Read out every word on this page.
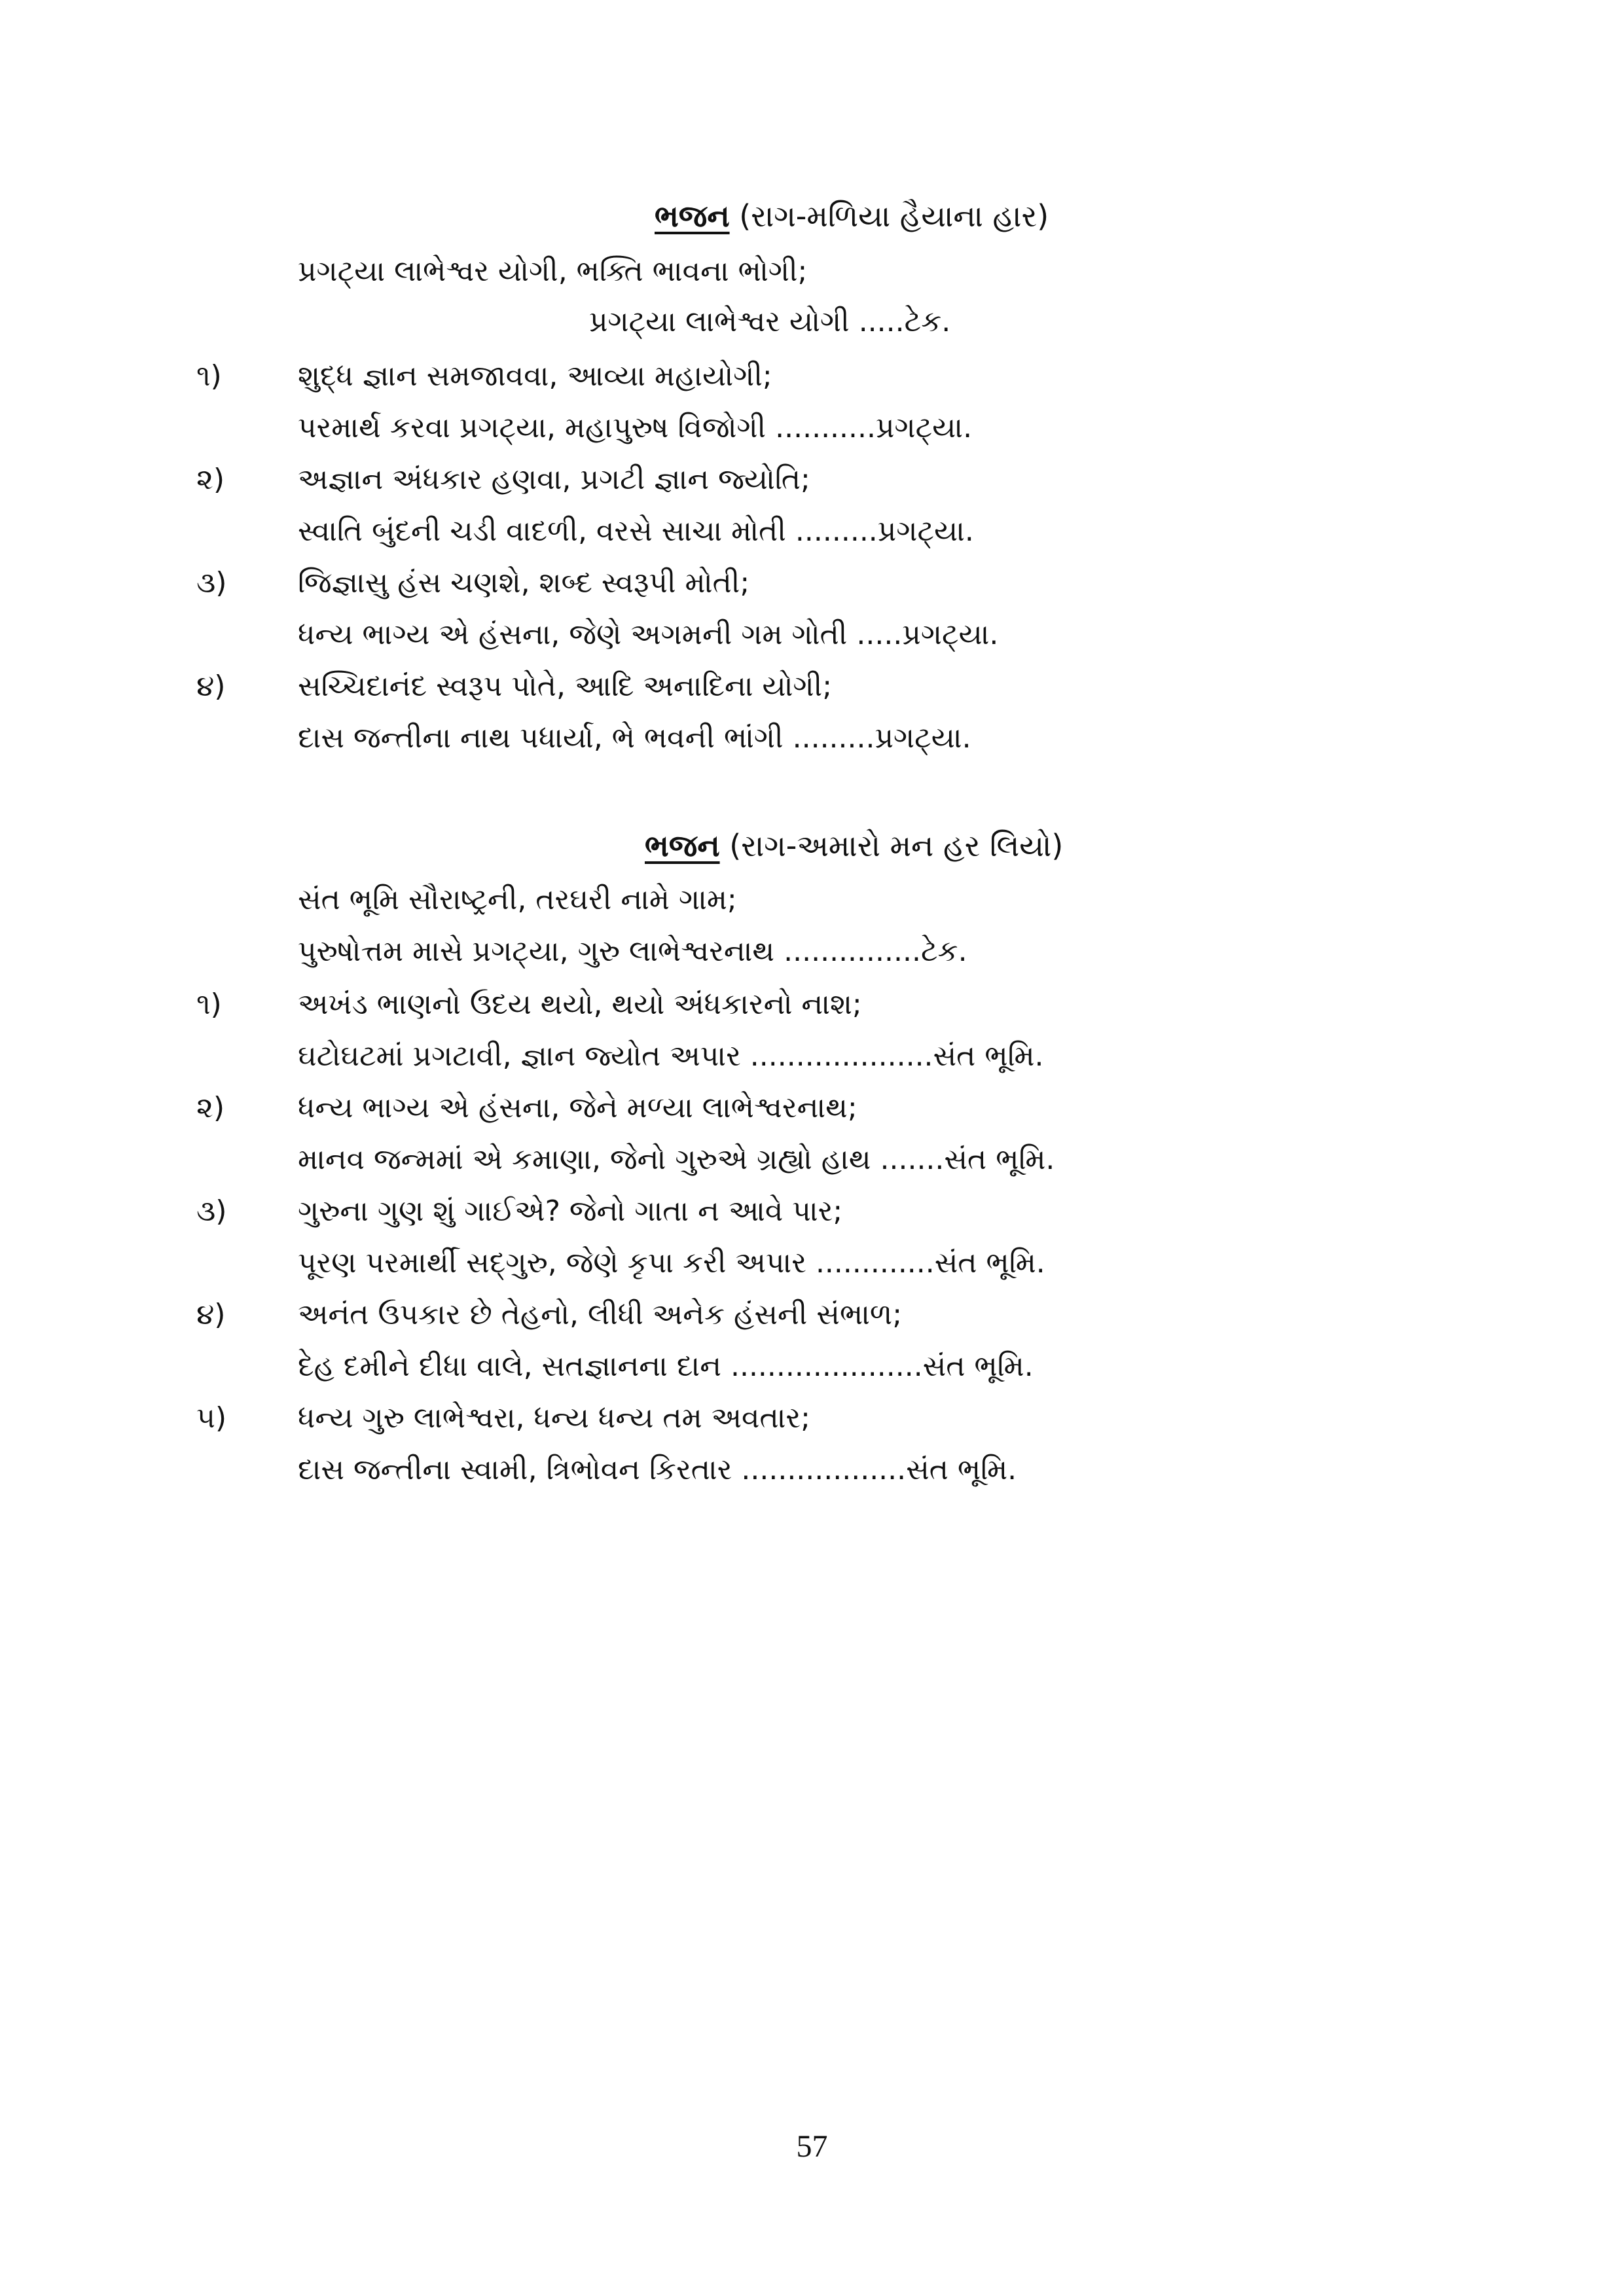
ભજન (રાગ-મળિયા હૈયાના હાર)
પ્રગટ્યા લાભેશ્વર યોગી, ભક્તિ ભાવના ભોગી;
પ્રગટ્યા લાભેશ્વર યોગી .....ટેક.
૧)	શુદ્ધ જ્ઞાન સમજાવવા, આવ્યા મહાયોગી;
પરમાર્થ કરવા પ્રગટ્યા, મહાપુરુષ વિજોગી ...........પ્રગટ્યા.
૨)	અજ્ઞાન અંધકાર હણવા, પ્રગટી જ્ઞાન જ્યોતિ;
સ્વાતિ બુંદની ચડી વાદળી, વરસે સાચા મોતી .........પ્રગટ્યા.
૩) જિજ્ઞાસુ હંસ ચણશે, શબ્દ સ્વરૂપી મોતી;
ધન્ય ભાગ્ય એ હંસના, જેણે અગમની ગમ ગોતી .....પ્રગટ્યા.
૪)	સચ્ચિદાનંદ સ્વરૂપ પોતે, આદિ અનાદિના યોગી;
દાસ જન્તીના નાથ પધાર્યા, ભે ભવની ભાંગી .........પ્રગટ્યા.
ભજન (રાગ-અમારો મન હર લિયો)
સંત ભૂમિ સૌરાષ્ટ્રની, તરઘરી નામે ગામ;
પુરુષોત્તમ માસે પ્રગટ્યા, ગુરુ લાભેશ્વરનાથ ...............ટેક.
૧)	અખંડ ભાણનો ઉદય થયો, થયો અંધકારનો નાશ;
ઘટોઘટમાં પ્રગટાવી, જ્ઞાન જ્યોત અપાર ....................સંત ભૂમિ.
૨)	ધન્ય ભાગ્ય એ હંસના, જેને મળ્યા લાભેશ્વરનાથ;
માનવ જન્મમાં એ કમાણા, જેનો ગુરુએ ગ્રહ્યો હાથ .......સંત ભૂમિ.
૩) ગુરુના ગુણ શું ગાઈએ? જેનો ગાતા ન આવે પાર;
પૂરણ પરમાર્થી સદ્ગુરુ, જેણે કૃપા કરી અપાર .............સંત ભૂમિ.
૪)	અનંત ઉપકાર છે તેહનો, લીધી અનેક હંસની સંભાળ;
દેહ દમીને દીધા વાલે, સતજ્ઞાનના દાન .....................સંત ભૂમિ.
૫) ધન્ય ગુરુ લાભેશ્વરા, ધન્ય ધન્ય તમ અવતાર;
દાસ જન્તીના સ્વામી, ત્રિભોવન કિરતાર ..................સંત ભૂમિ.
57
